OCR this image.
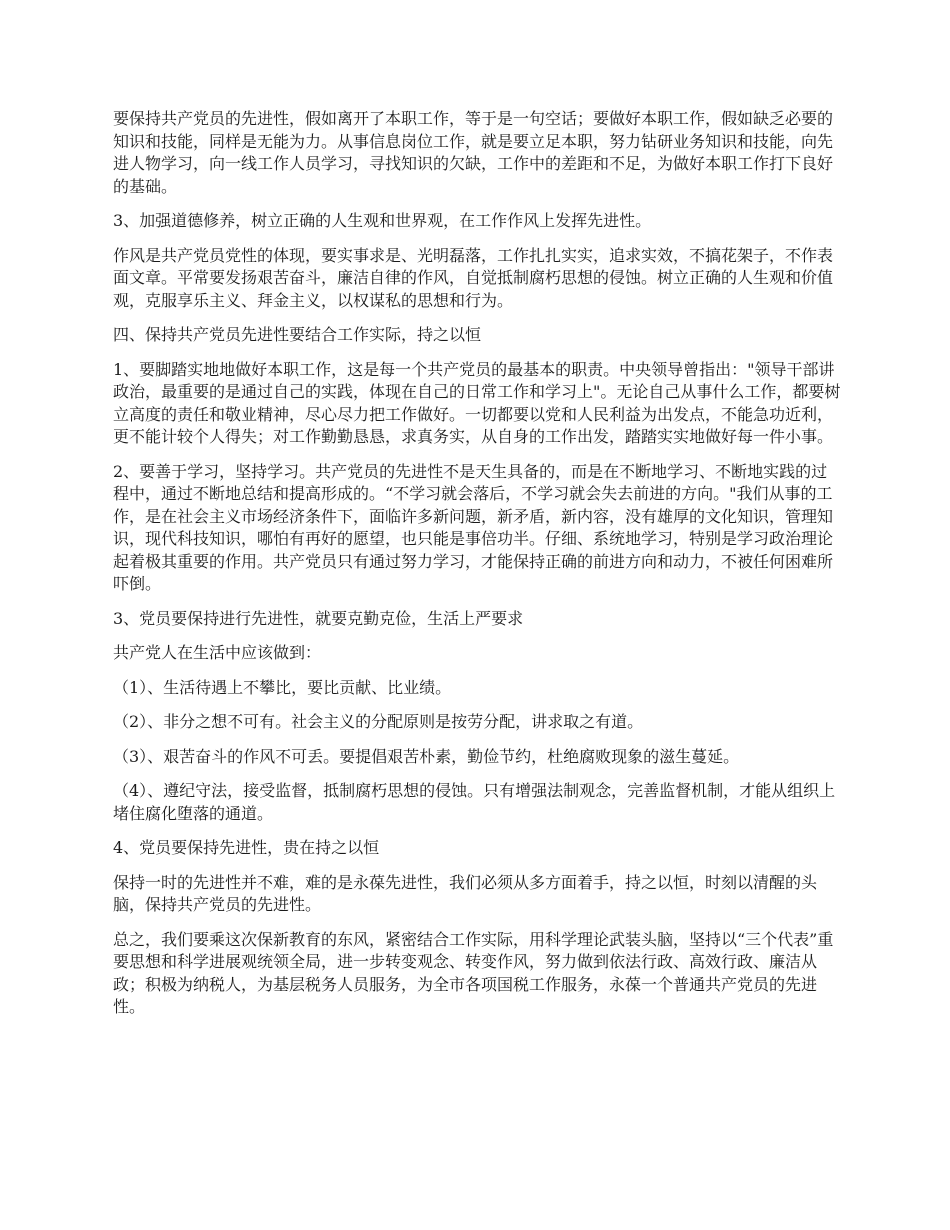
要保持共产党员的先进性，假如离开了本职工作，等于是一句空话；要做好本职工作，假如缺乏必要的知识和技能，同样是无能为力。从事信息岗位工作，就是要立足本职，努力钻研业务知识和技能，向先进人物学习，向一线工作人员学习，寻找知识的欠缺，工作中的差距和不足，为做好本职工作打下良好的基础。

3、加强道德修养，树立正确的人生观和世界观，在工作作风上发挥先进性。

作风是共产党员党性的体现，要实事求是、光明磊落，工作扎扎实实，追求实效，不搞花架子，不作表面文章。平常要发扬艰苦奋斗，廉洁自律的作风，自觉抵制腐朽思想的侵蚀。树立正确的人生观和价值观，克服享乐主义、拜金主义，以权谋私的思想和行为。

四、保持共产党员先进性要结合工作实际，持之以恒

1、要脚踏实地地做好本职工作，这是每一个共产党员的最基本的职责。中央领导曾指出："领导干部讲政治，最重要的是通过自己的实践，体现在自己的日常工作和学习上"。无论自己从事什么工作，都要树立高度的责任和敬业精神，尽心尽力把工作做好。一切都要以党和人民利益为出发点，不能急功近利，更不能计较个人得失；对工作勤勤恳恳，求真务实，从自身的工作出发，踏踏实实地做好每一件小事。

2、要善于学习，坚持学习。共产党员的先进性不是天生具备的，而是在不断地学习、不断地实践的过程中，通过不断地总结和提高形成的。“不学习就会落后，不学习就会失去前进的方向。"我们从事的工作，是在社会主义市场经济条件下，面临许多新问题，新矛盾，新内容，没有雄厚的文化知识，管理知识，现代科技知识，哪怕有再好的愿望，也只能是事倍功半。仔细、系统地学习，特别是学习政治理论起着极其重要的作用。共产党员只有通过努力学习，才能保持正确的前进方向和动力，不被任何困难所吓倒。

3、党员要保持进行先进性，就要克勤克俭，生活上严要求

共产党人在生活中应该做到：

（1）、生活待遇上不攀比，要比贡献、比业绩。

（2）、非分之想不可有。社会主义的分配原则是按劳分配，讲求取之有道。

（3）、艰苦奋斗的作风不可丢。要提倡艰苦朴素，勤俭节约，杜绝腐败现象的滋生蔓延。

（4）、遵纪守法，接受监督，抵制腐朽思想的侵蚀。只有增强法制观念，完善监督机制，才能从组织上堵住腐化堕落的通道。

4、党员要保持先进性，贵在持之以恒

保持一时的先进性并不难，难的是永葆先进性，我们必须从多方面着手，持之以恒，时刻以清醒的头脑，保持共产党员的先进性。

总之，我们要乘这次保新教育的东风，紧密结合工作实际，用科学理论武装头脑，坚持以“三个代表”重要思想和科学进展观统领全局，进一步转变观念、转变作风，努力做到依法行政、高效行政、廉洁从政；积极为纳税人，为基层税务人员服务，为全市各项国税工作服务，永葆一个普通共产党员的先进性。
